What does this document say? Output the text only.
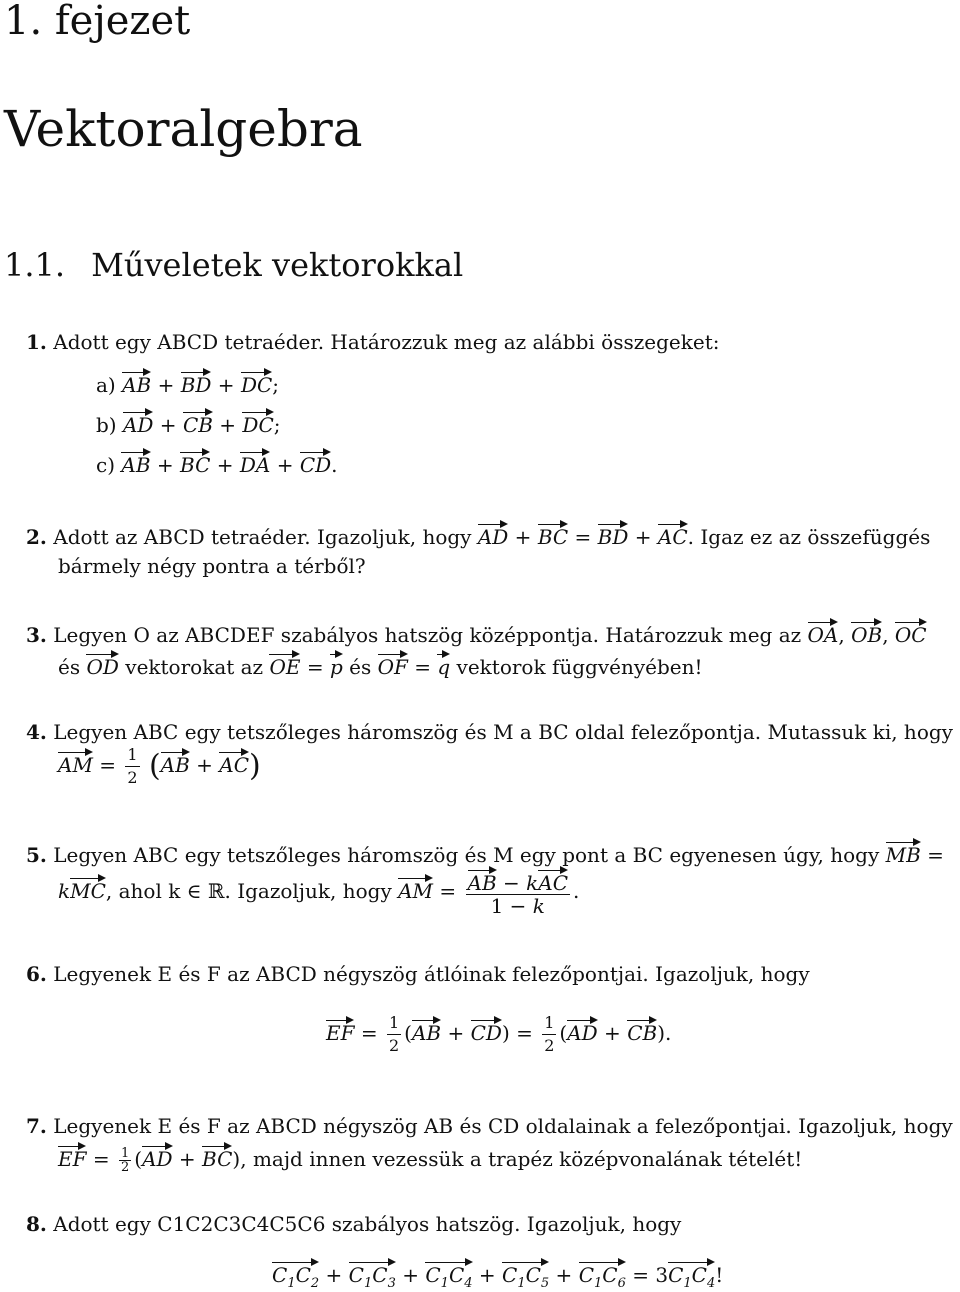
1. fejezet
Vektoralgebra
1.1. Műveletek vektorokkal
1. Adott egy ABCD tetraéder. Határozzuk meg az alábbi összegeket:
a) AB + BD + DC;
b) AD + CB + DC;
c) AB + BC + DA + CD.
2. Adott az ABCD tetraéder. Igazoljuk, hogy AD + BC = BD + AC. Igaz ez az összefüggés
bármely négy pontra a térből?
3. Legyen O az ABCDEF szabályos hatszög középpontja. Határozzuk meg az OA, OB, OC
és OD vektorokat az OE = p és OF = q vektorok függvényében!
4. Legyen ABC egy tetszőleges háromszög és M a BC oldal felezőpontja. Mutassuk ki, hogy
AM = $\frac{1}{2} (AB + AC)$
5. Legyen ABC egy tetszőleges háromszög és M egy pont a BC egyenesen úgy, hogy MB =
kMC, ahol k ∈ ℝ. Igazoljuk, hogy AM = $\frac{\text{AB − kAC}}{1 - k}$ .
6. Legyenek E és F az ABCD négyszög átlóinak felezőpontjai. Igazoljuk, hogy
EF = $\frac{1}{2} (AB + CD) = \frac{1}{2} (AD + CB)$.
7. Legyenek E és F az ABCD négyszög AB és CD oldalainak a felezőpontjai. Igazoljuk, hogy
EF = $\frac{1}{2} (AD + BC)$, majd innen vezessük a trapéz középvonalának tételét!
8. Adott egy C1C2C3C4C5C6 szabályos hatszög. Igazoljuk, hogy
$C_1C_2 + C_1C_3 + C_1C_4 + C_1C_5 + C_1C_6 = 3C_1C_4$!
